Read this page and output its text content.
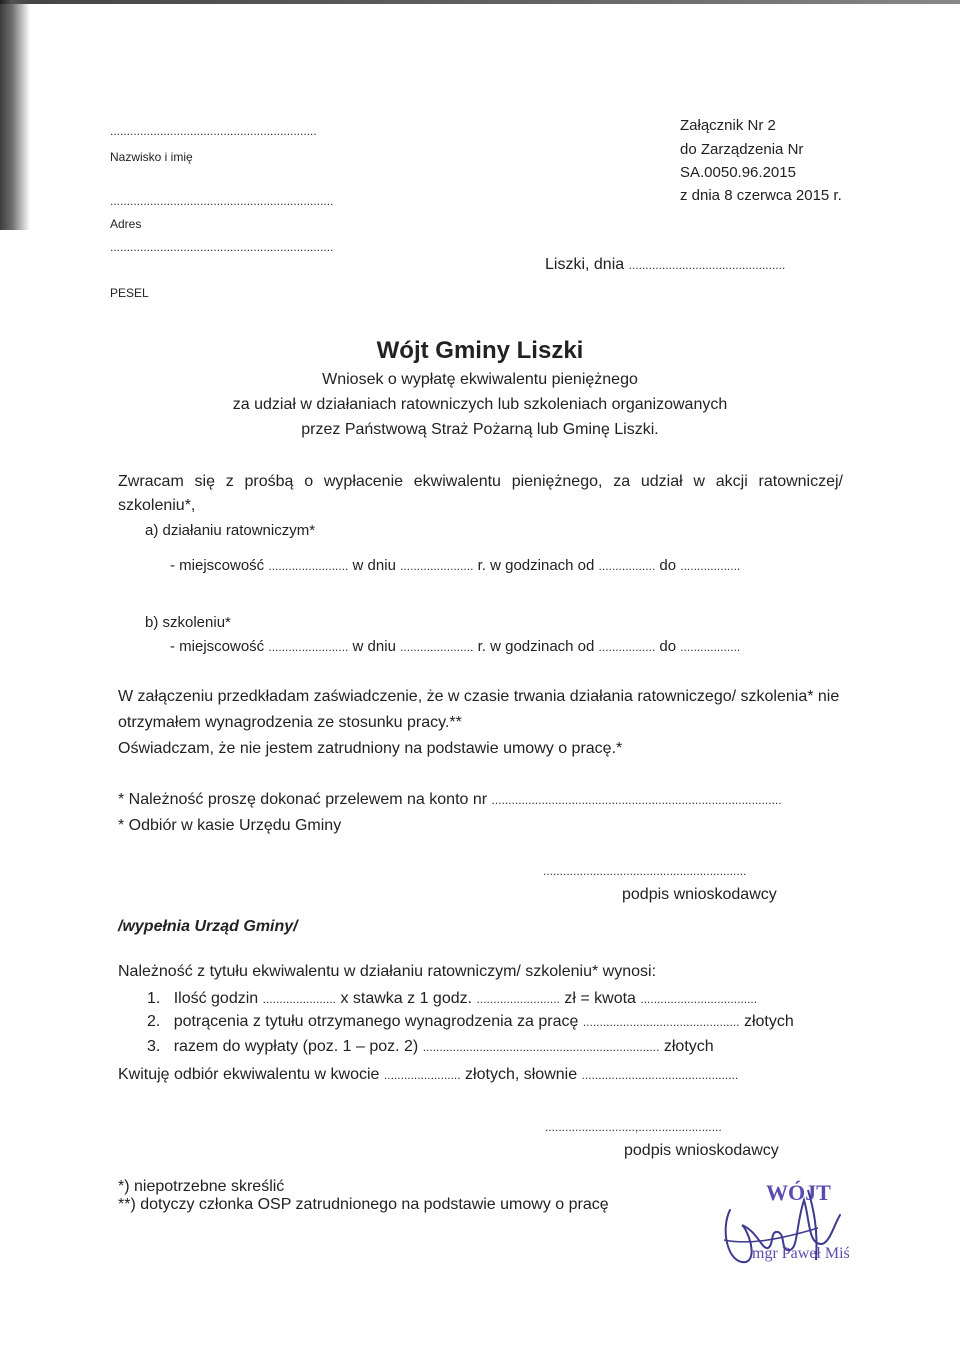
..............................................................
Nazwisko i imię
...................................................................
Adres
...................................................................
PESEL
Załącznik Nr 2
do Zarządzenia Nr
SA.0050.96.2015
z dnia 8 czerwca 2015 r.
Liszki, dnia ...............................................
Wójt Gminy Liszki
Wniosek o wypłatę ekwiwalentu pieniężnego
za udział w działaniach ratowniczych lub szkoleniach organizowanych
przez Państwową Straż Pożarną lub Gminę Liszki.
Zwracam się z prośbą o wypłacenie ekwiwalentu pieniężnego, za udział w akcji ratowniczej/
szkoleniu*,
a) działaniu ratowniczym*
- miejscowość ........................ w dniu ...................... r. w godzinach od ................. do ..................
b) szkoleniu*
- miejscowość ........................ w dniu ...................... r. w godzinach od ................. do ..................
W załączeniu przedkładam zaświadczenie, że w czasie trwania działania ratowniczego/ szkolenia* nie
otrzymałem wynagrodzenia ze stosunku pracy.**
Oświadczam, że nie jestem zatrudniony na podstawie umowy o pracę.*
* Należność proszę dokonać przelewem na konto nr .......................................................................................
* Odbiór w kasie Urzędu Gminy
.............................................................
podpis wnioskodawcy
/wypełnia Urząd Gminy/
Należność z tytułu ekwiwalentu w działaniu ratowniczym/ szkoleniu* wynosi:
1. Ilość godzin ...................... x stawka z 1 godz. ......................... zł = kwota ...................................
2. potrącenia z tytułu otrzymanego wynagrodzenia za pracę ............................................... złotych
3. razem do wypłaty (poz. 1 – poz. 2) ....................................................................... złotych
Kwituję odbiór ekwiwalentu w kwocie ....................... złotych, słownie ...............................................
...........................,.........................
podpis wnioskodawcy
*) niepotrzebne skreślić
**) dotyczy członka OSP zatrudnionego na podstawie umowy o pracę	WÓJT
mgr Paweł Miś
